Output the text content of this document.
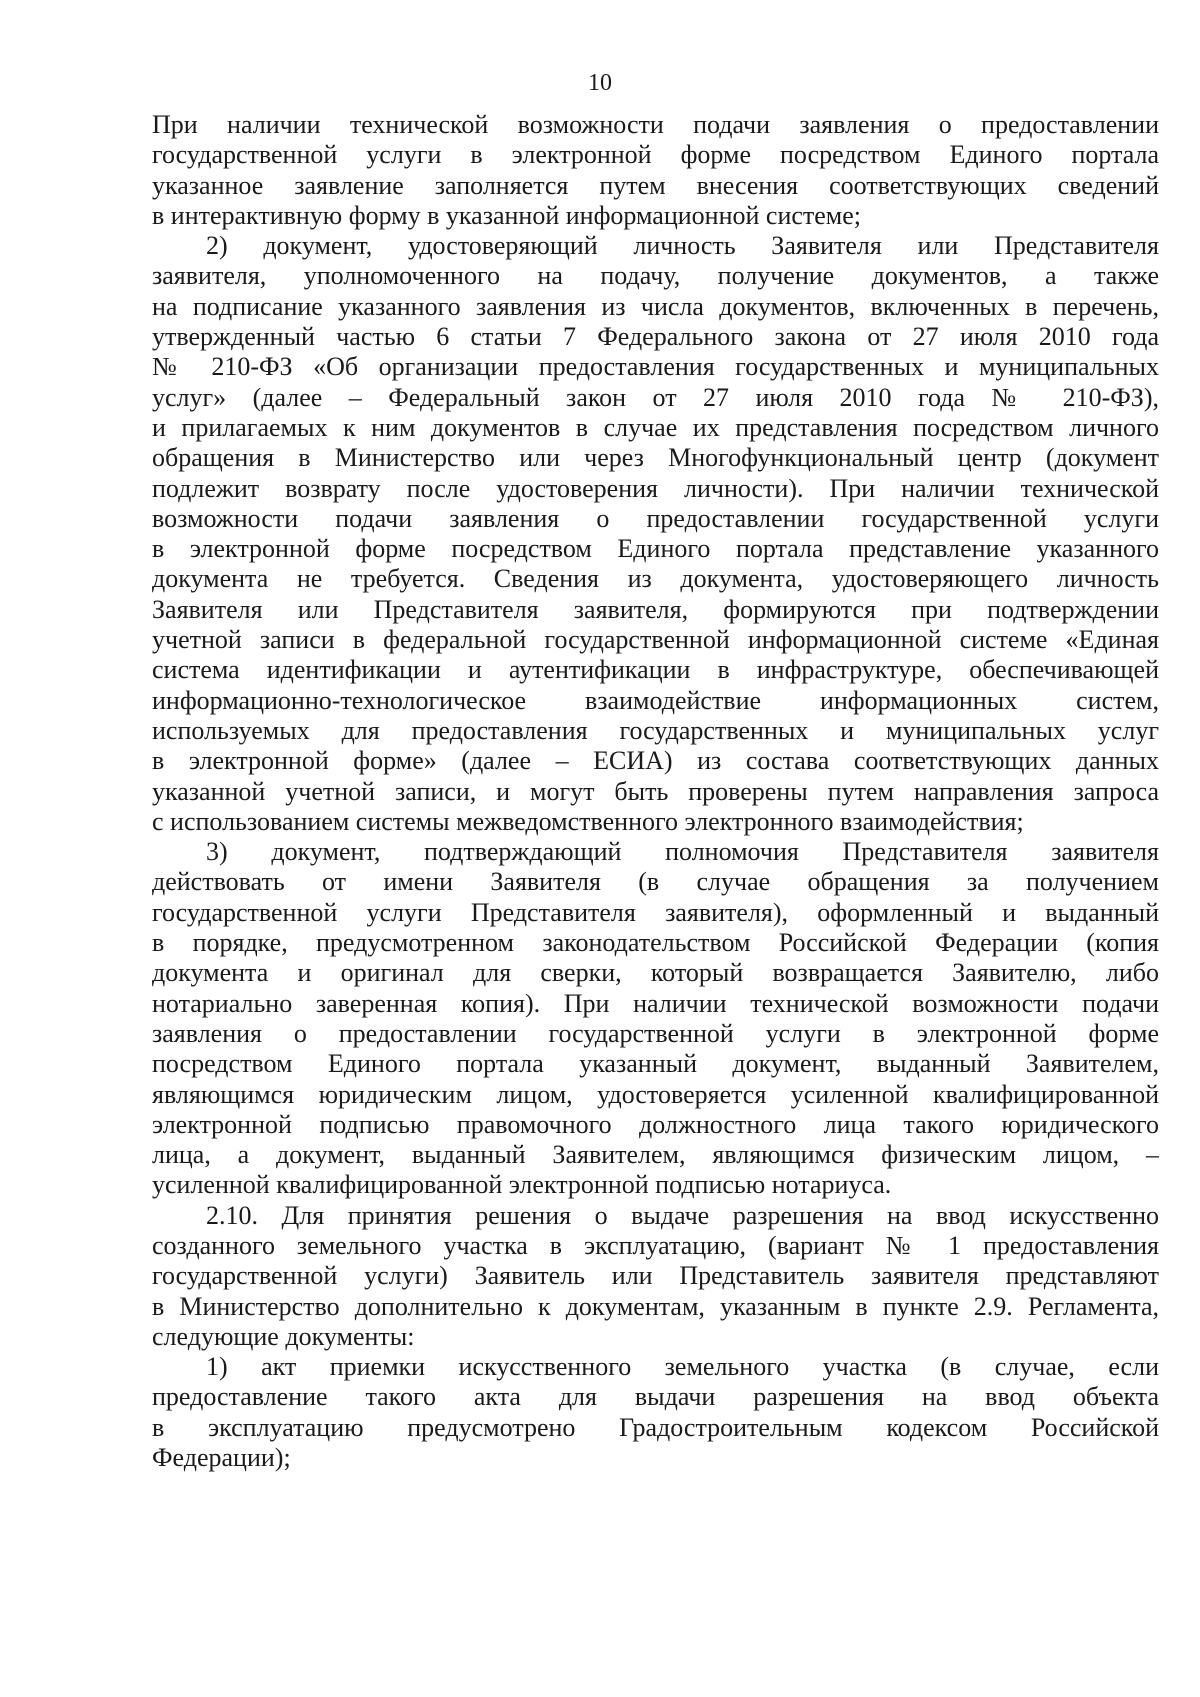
10

При наличии технической возможности подачи заявления о предоставлении

государственной услуги в электронной форме посредством Единого портала

указанное заявление заполняется путем внесения соответствующих сведений

в интерактивную форму в указанной информационной системе;

2) документ, удостоверяющий личность Заявителя или Представителя

заявителя, уполномоченного на подачу, получение документов, а также

на подписание указанного заявления из числа документов, включенных в перечень,

утвержденный частью 6 статьи 7 Федерального закона от 27 июля 2010 года

№ 210-ФЗ «Об организации предоставления государственных и муниципальных

услуг» (далее – Федеральный закон от 27 июля 2010 года № 210-ФЗ),

и прилагаемых к ним документов в случае их представления посредством личного

обращения в Министерство или через Многофункциональный центр (документ

подлежит возврату после удостоверения личности). При наличии технической

возможности подачи заявления о предоставлении государственной услуги

в электронной форме посредством Единого портала представление указанного

документа не требуется. Сведения из документа, удостоверяющего личность

Заявителя или Представителя заявителя, формируются при подтверждении

учетной записи в федеральной государственной информационной системе «Единая

система идентификации и аутентификации в инфраструктуре, обеспечивающей

информационно-технологическое взаимодействие информационных систем,

используемых для предоставления государственных и муниципальных услуг

в электронной форме» (далее – ЕСИА) из состава соответствующих данных

указанной учетной записи, и могут быть проверены путем направления запроса

с использованием системы межведомственного электронного взаимодействия;

3) документ, подтверждающий полномочия Представителя заявителя

действовать от имени Заявителя (в случае обращения за получением

государственной услуги Представителя заявителя), оформленный и выданный

в порядке, предусмотренном законодательством Российской Федерации (копия

документа и оригинал для сверки, который возвращается Заявителю, либо

нотариально заверенная копия). При наличии технической возможности подачи

заявления о предоставлении государственной услуги в электронной форме

посредством Единого портала указанный документ, выданный Заявителем,

являющимся юридическим лицом, удостоверяется усиленной квалифицированной

электронной подписью правомочного должностного лица такого юридического

лица, а документ, выданный Заявителем, являющимся физическим лицом, –

усиленной квалифицированной электронной подписью нотариуса.

2.10. Для принятия решения о выдаче разрешения на ввод искусственно

созданного земельного участка в эксплуатацию, (вариант № 1 предоставления

государственной услуги) Заявитель или Представитель заявителя представляют

в Министерство дополнительно к документам, указанным в пункте 2.9. Регламента,

следующие документы:

1) акт приемки искусственного земельного участка (в случае, если

предоставление такого акта для выдачи разрешения на ввод объекта

в эксплуатацию предусмотрено Градостроительным кодексом Российской

Федерации);
